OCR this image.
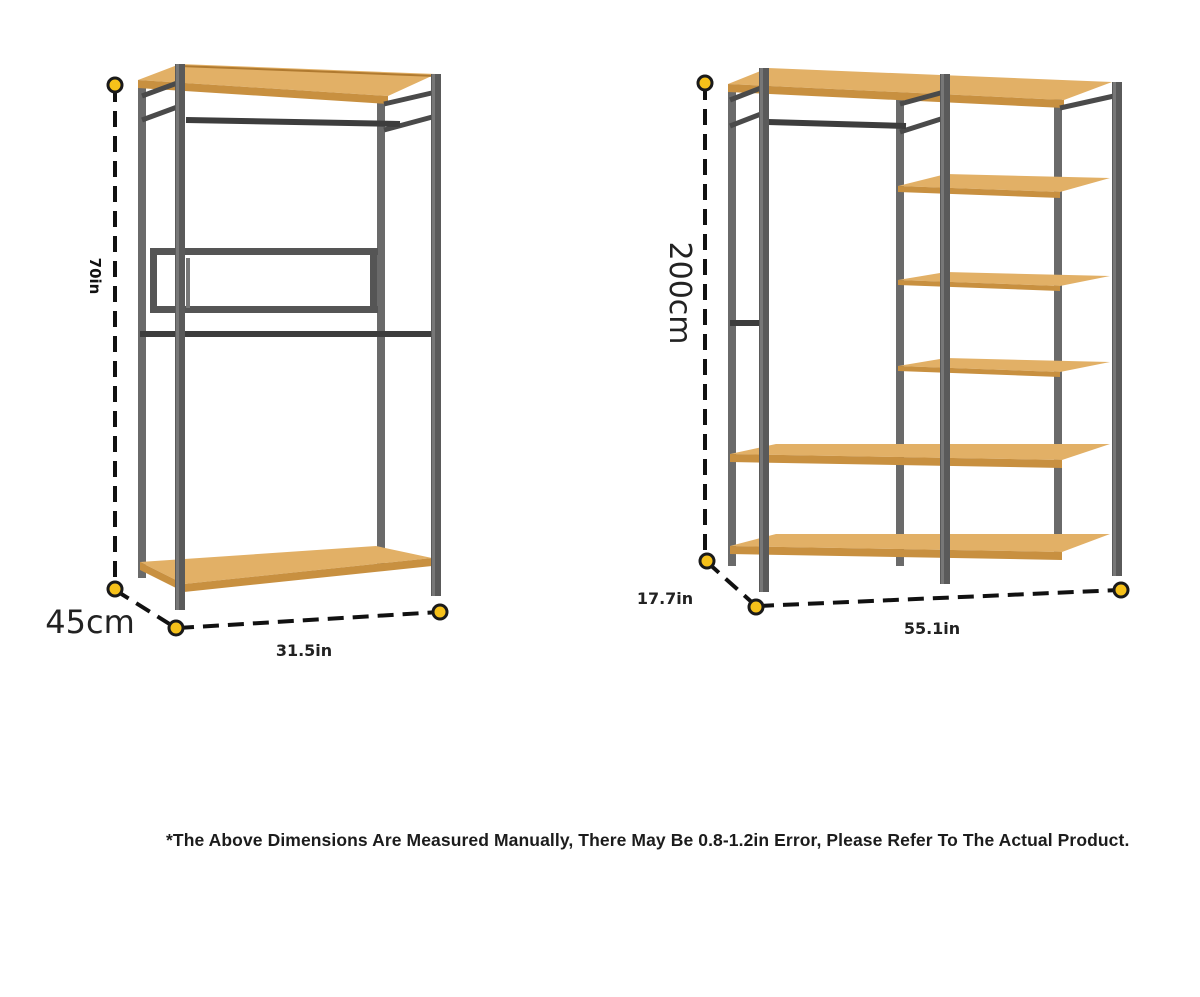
70in
45cm
31.5in
200cm
17.7in
55.1in
*The Above Dimensions Are Measured Manually, There May Be 0.8-1.2in Error, Please Refer To The Actual Product.
